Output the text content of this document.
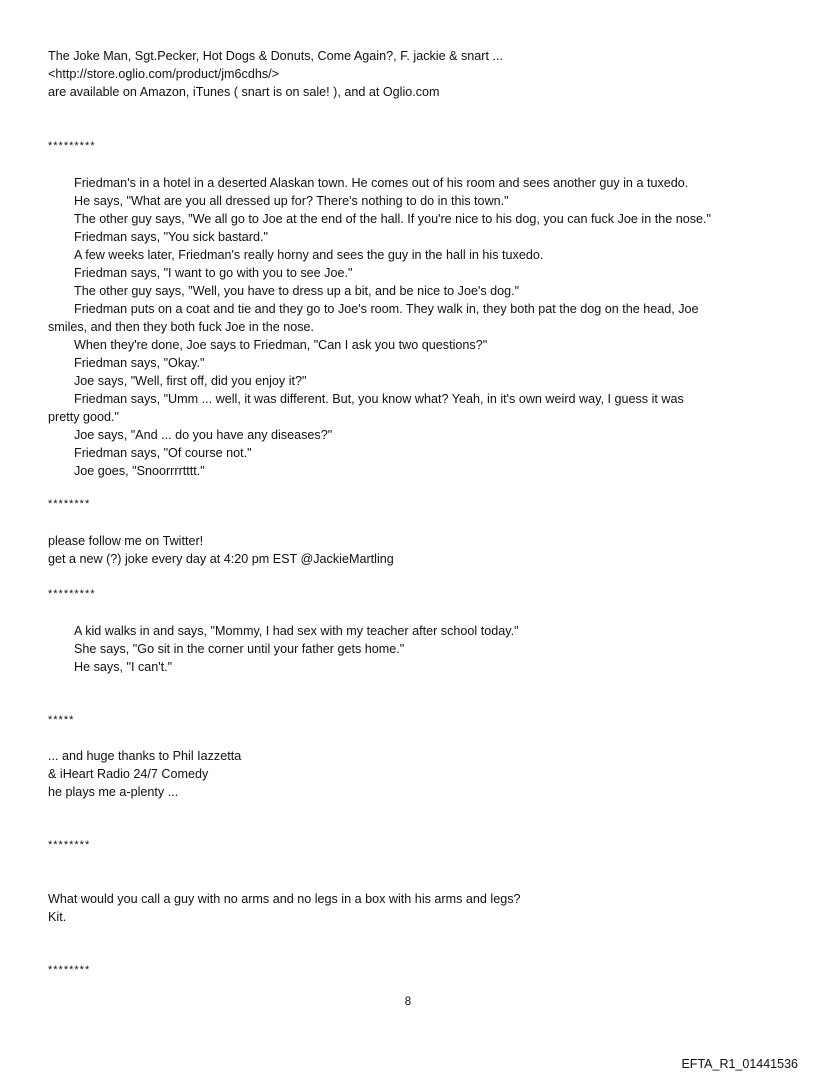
The Joke Man, Sgt.Pecker, Hot Dogs & Donuts, Come Again?, F. jackie & snart ...
<http://store.oglio.com/product/jm6cdhs/>
are available on Amazon, iTunes ( snart is on sale! ), and at Oglio.com
*********
Friedman's in a hotel in a deserted Alaskan town. He comes out of his room and sees another guy in a tuxedo.
He says, "What are you all dressed up for? There's nothing to do in this town."
The other guy says, "We all go to Joe at the end of the hall. If you're nice to his dog, you can fuck Joe in the nose."
Friedman says, "You sick bastard."
A few weeks later, Friedman's really horny and sees the guy in the hall in his tuxedo.
Friedman says, "I want to go with you to see Joe."
The other guy says, "Well, you have to dress up a bit, and be nice to Joe's dog."
Friedman puts on a coat and tie and they go to Joe's room. They walk in, they both pat the dog on the head, Joe
smiles, and then they both fuck Joe in the nose.
When they're done, Joe says to Friedman, "Can I ask you two questions?"
Friedman says, "Okay."
Joe says, "Well, first off, did you enjoy it?"
Friedman says, "Umm ... well, it was different. But, you know what? Yeah, in it's own weird way, I guess it was
pretty good."
Joe says, "And ... do you have any diseases?"
Friedman says, "Of course not."
Joe goes, "Snoorrrrtttt."
********
please follow me on Twitter!
get a new (?) joke every day at 4:20 pm EST @JackieMartling
*********
A kid walks in and says, "Mommy, I had sex with my teacher after school today."
She says, "Go sit in the corner until your father gets home."
He says, "I can't."
*****
... and huge thanks to Phil Iazzetta
& iHeart Radio 24/7 Comedy
he plays me a-plenty ...
********
What would you call a guy with no arms and no legs in a box with his arms and legs?
Kit.
********
8
EFTA_R1_01441536
